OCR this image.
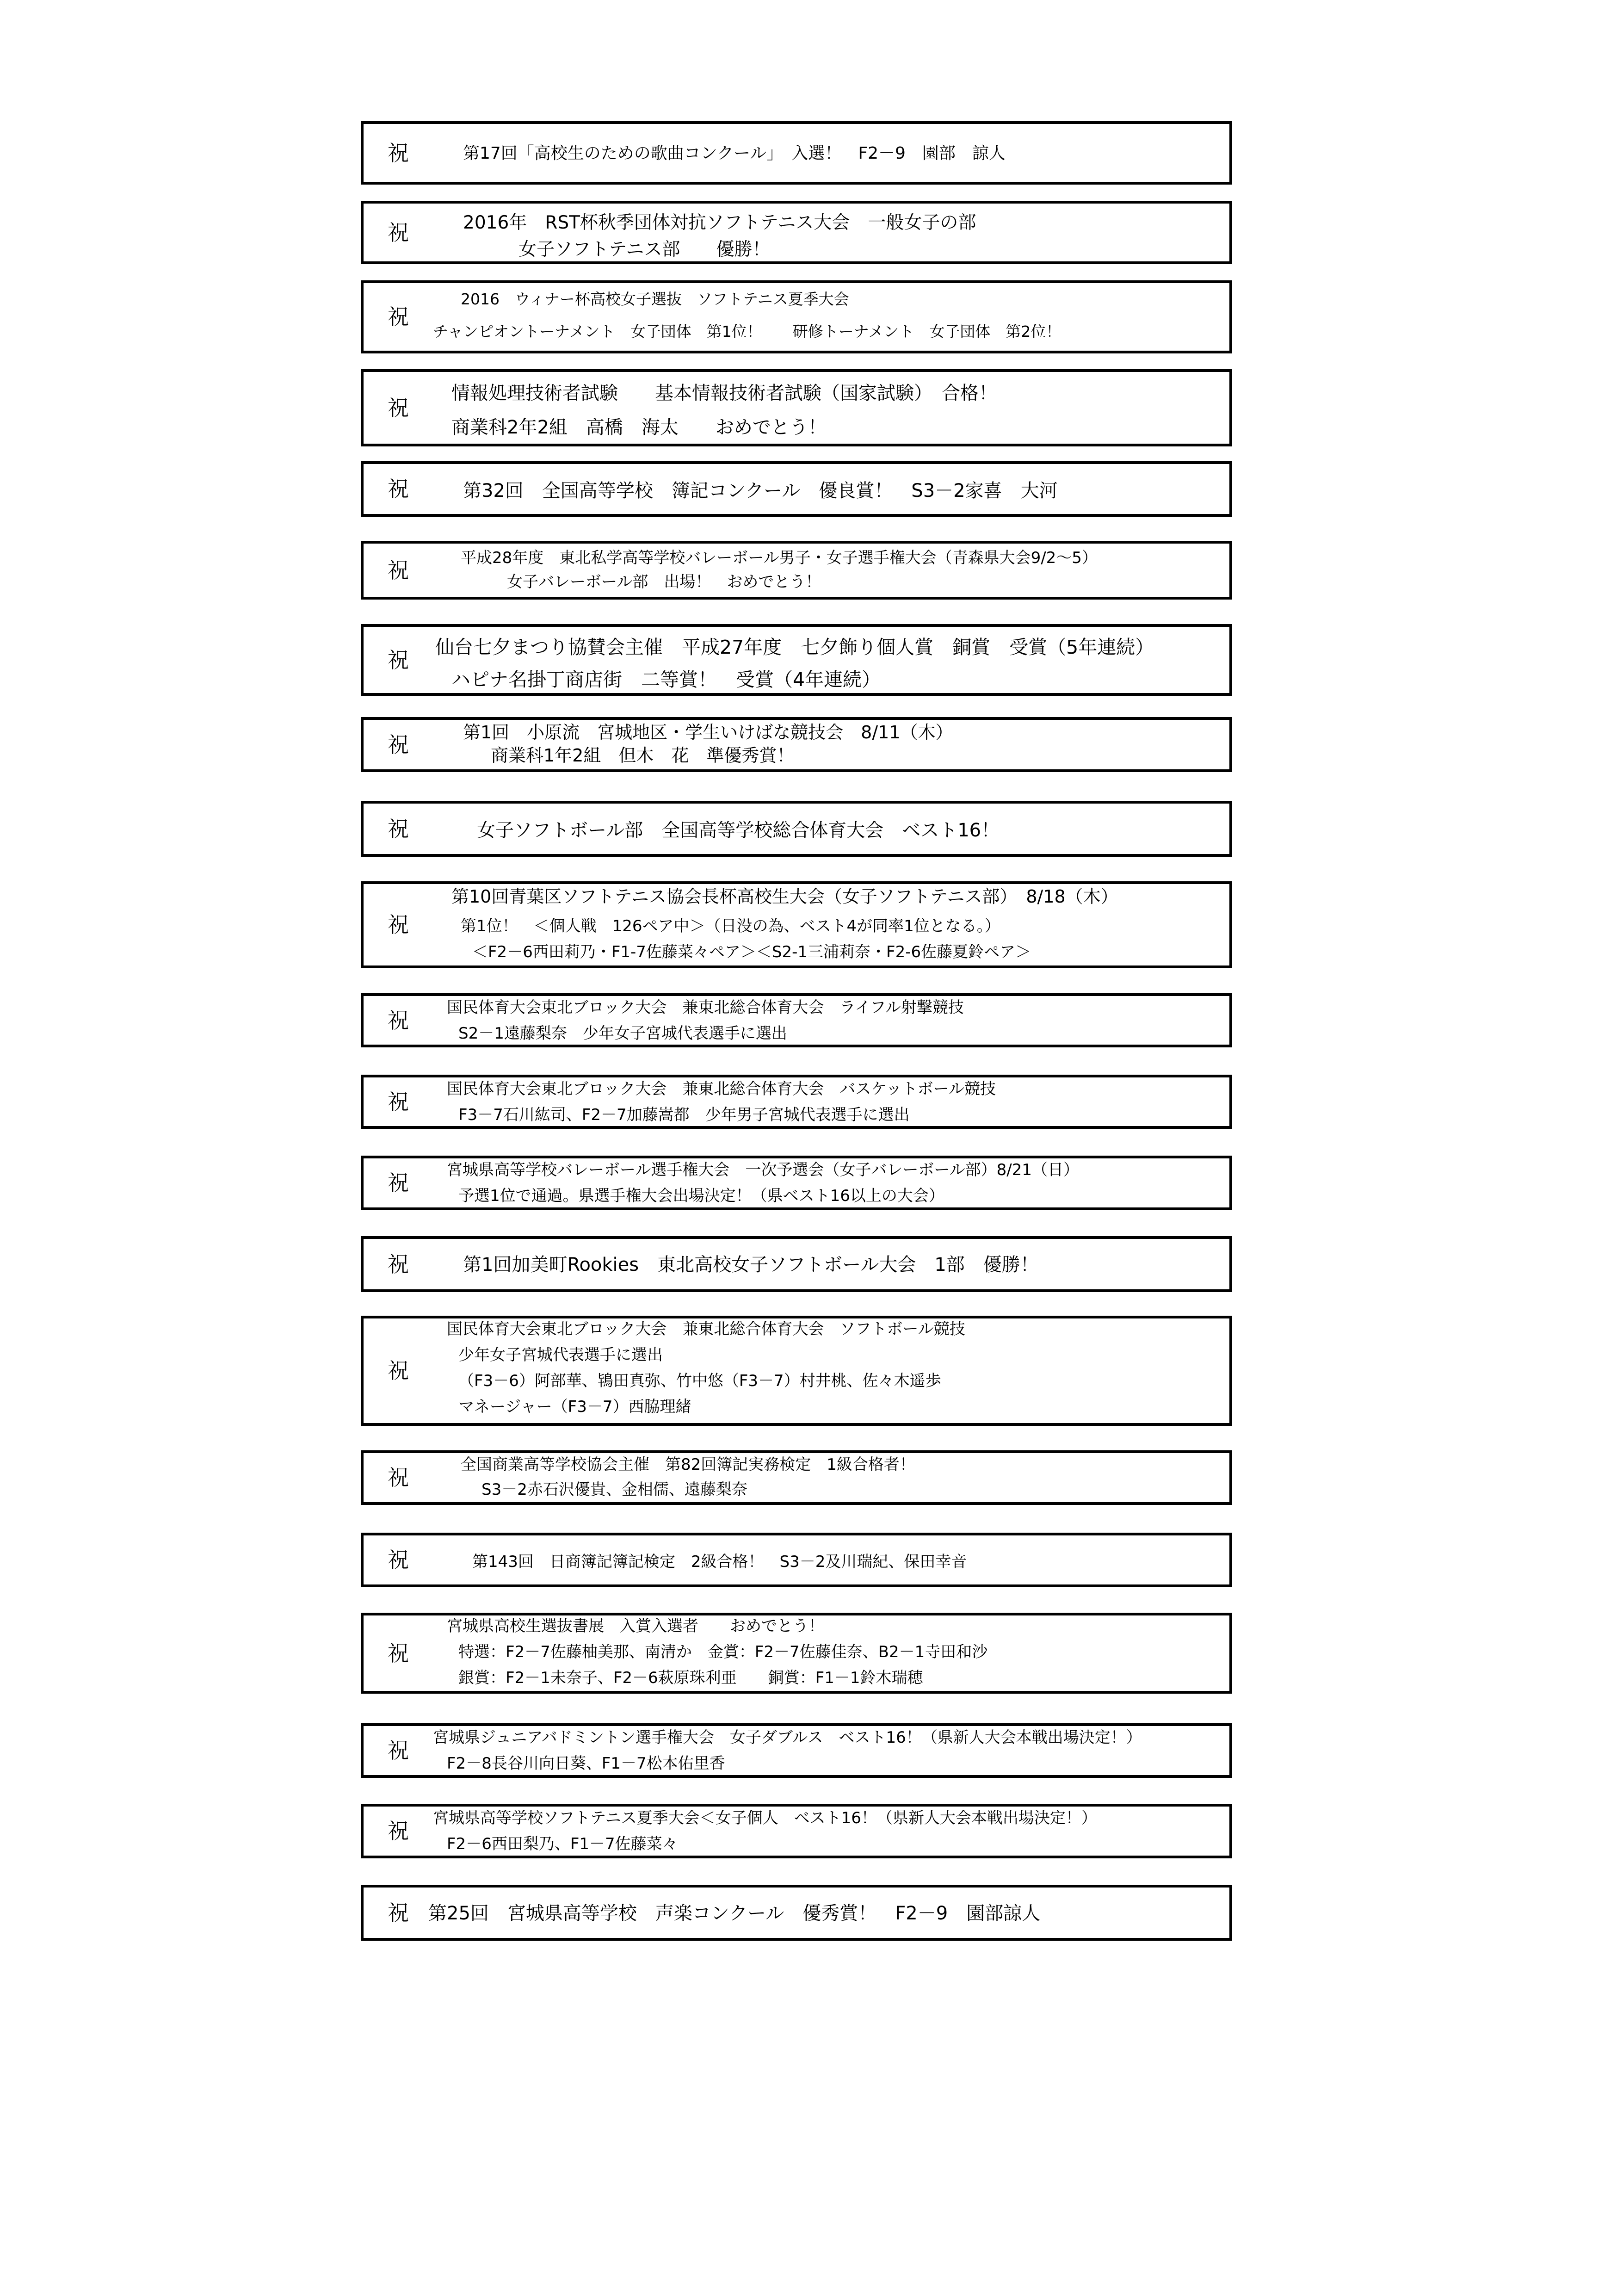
祝	第17回「高校生のための歌曲コンクール」　入選！　F2－9　園部　諒人
祝	2016年　RST杯秋季団体対抗ソフトテニス大会　一般女子の部
女子ソフトテニス部　　優勝！
祝
2016　ウィナー杯高校女子選抜　ソフトテニス夏季大会
チャンピオントーナメント　女子団体　第1位！　　研修トーナメント　女子団体　第2位！
祝
情報処理技術者試験　　基本情報技術者試験（国家試験）　合格！
商業科2年2組　高橋　海太　　おめでとう！
祝	第32回　全国高等学校　簿記コンクール　優良賞！　S3－2家喜　大河
祝	平成28年度　東北私学高等学校バレーボール男子・女子選手権大会（青森県大会9/2～5）
女子バレーボール部　出場！　おめでとう！
祝
仙台七夕まつり協賛会主催　平成27年度　七夕飾り個人賞　銅賞　受賞（5年連続）
ハピナ名掛丁商店街　二等賞！　受賞（4年連続）
祝	第1回　小原流　宮城地区・学生いけばな競技会　8/11（木）
商業科1年2組　但木　花　準優秀賞！
祝	女子ソフトボール部　全国高等学校総合体育大会　ベスト16！
祝
第10回青葉区ソフトテニス協会長杯高校生大会（女子ソフトテニス部）　8/18（木）
第1位！　＜個人戦　126ペア中＞（日没の為、ベスト4が同率1位となる。）
＜F2－6西田莉乃・F1-7佐藤菜々ペア＞＜S2-1三浦莉奈・F2-6佐藤夏鈴ペア＞
祝
国民体育大会東北ブロック大会　兼東北総合体育大会　ライフル射撃競技
S2－1遠藤梨奈　少年女子宮城代表選手に選出
祝
国民体育大会東北ブロック大会　兼東北総合体育大会　バスケットボール競技
F3－7石川紘司、F2－7加藤嵩都　少年男子宮城代表選手に選出
祝
宮城県高等学校バレーボール選手権大会　一次予選会（女子バレーボール部）8/21（日）
予選1位で通過。県選手権大会出場決定！（県ベスト16以上の大会）
祝	第1回加美町Rookies　東北高校女子ソフトボール大会　1部　優勝！
祝
国民体育大会東北ブロック大会　兼東北総合体育大会　ソフトボール競技
少年女子宮城代表選手に選出
（F3－6）阿部華、鴇田真弥、竹中悠（F3－7）村井桃、佐々木遥歩
マネージャー（F3－7）西脇理緒
祝
全国商業高等学校協会主催　第82回簿記実務検定　1級合格者！
S3－2赤石沢優貴、金相儒、遠藤梨奈
祝	第143回　日商簿記簿記検定　2級合格！　S3－2及川瑞紀、保田幸音
祝
宮城県高校生選抜書展　入賞入選者　　おめでとう！
特選：F2－7佐藤柚美那、南清か　金賞：F2－7佐藤佳奈、B2－1寺田和沙
銀賞：F2－1未奈子、F2－6萩原珠利亜　　銅賞：F1－1鈴木瑞穂
祝
宮城県ジュニアバドミントン選手権大会　女子ダブルス　ベスト16！（県新人大会本戦出場決定！）
F2－8長谷川向日葵、F1－7松本佑里香
祝
宮城県高等学校ソフトテニス夏季大会＜女子個人　ベスト16！（県新人大会本戦出場決定！）
F2－6西田梨乃、F1－7佐藤菜々
祝 第25回　宮城県高等学校　声楽コンクール　優秀賞！　F2－9　園部諒人
